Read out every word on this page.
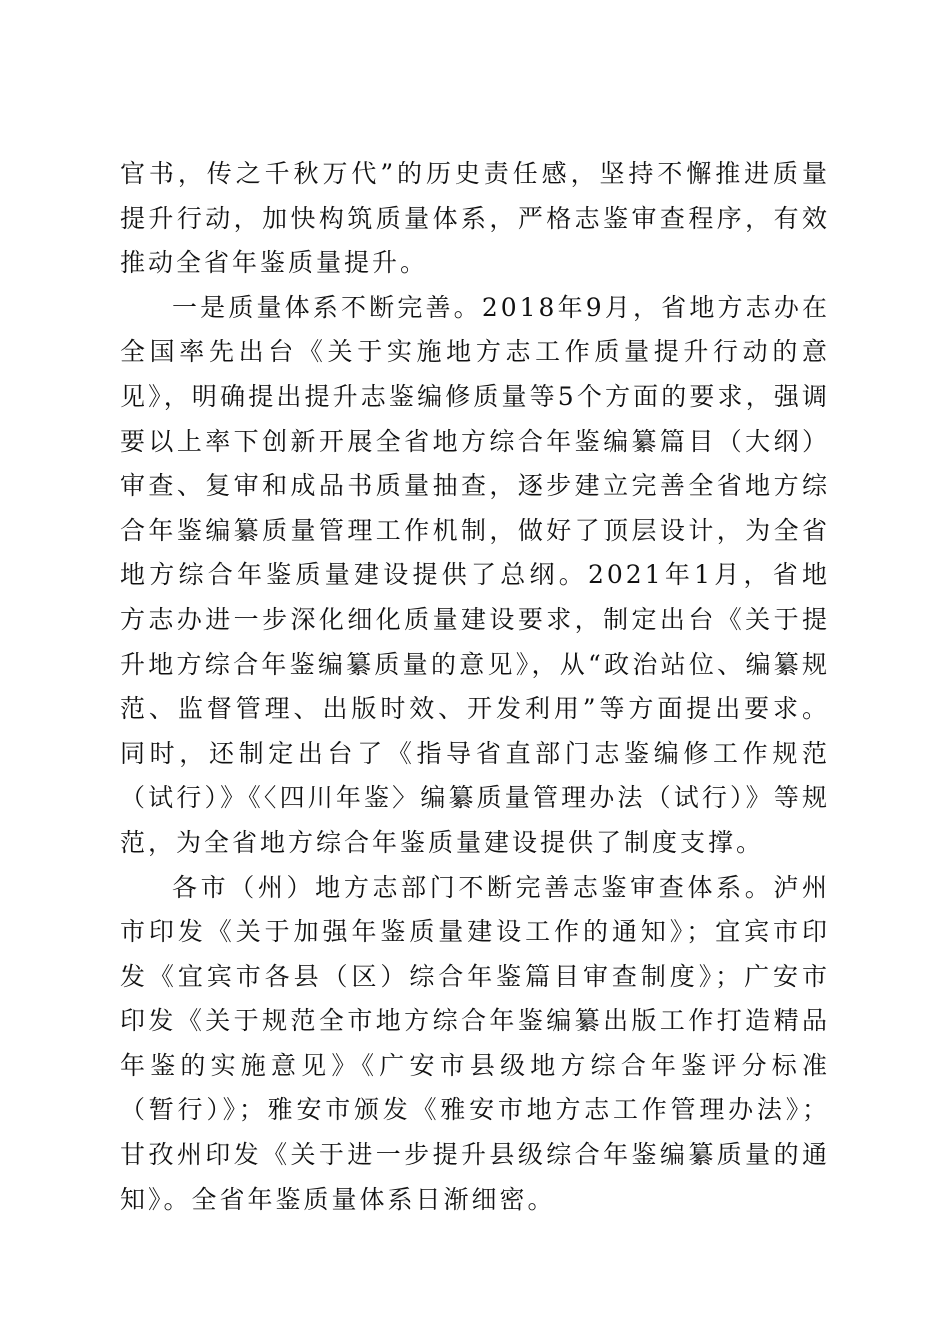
官书，传之千秋万代”的历史责任感，坚持不懈推进质量提升行动，加快构筑质量体系，严格志鉴审查程序，有效推动全省年鉴质量提升。

一是质量体系不断完善。2018年9月，省地方志办在全国率先出台《关于实施地方志工作质量提升行动的意见》，明确提出提升志鉴编修质量等5个方面的要求，强调要以上率下创新开展全省地方综合年鉴编纂篇目（大纲）审查、复审和成品书质量抽查，逐步建立完善全省地方综合年鉴编纂质量管理工作机制，做好了顶层设计，为全省地方综合年鉴质量建设提供了总纲。2021年1月，省地方志办进一步深化细化质量建设要求，制定出台《关于提升地方综合年鉴编纂质量的意见》，从“政治站位、编纂规范、监督管理、出版时效、开发利用”等方面提出要求。同时，还制定出台了《指导省直部门志鉴编修工作规范（试行）》《〈四川年鉴〉编纂质量管理办法（试行）》等规范，为全省地方综合年鉴质量建设提供了制度支撑。

各市（州）地方志部门不断完善志鉴审查体系。泸州市印发《关于加强年鉴质量建设工作的通知》；宜宾市印发《宜宾市各县（区）综合年鉴篇目审查制度》；广安市印发《关于规范全市地方综合年鉴编纂出版工作打造精品年鉴的实施意见》《广安市县级地方综合年鉴评分标准（暂行）》；雅安市颁发《雅安市地方志工作管理办法》；甘孜州印发《关于进一步提升县级综合年鉴编纂质量的通知》。全省年鉴质量体系日渐细密。
